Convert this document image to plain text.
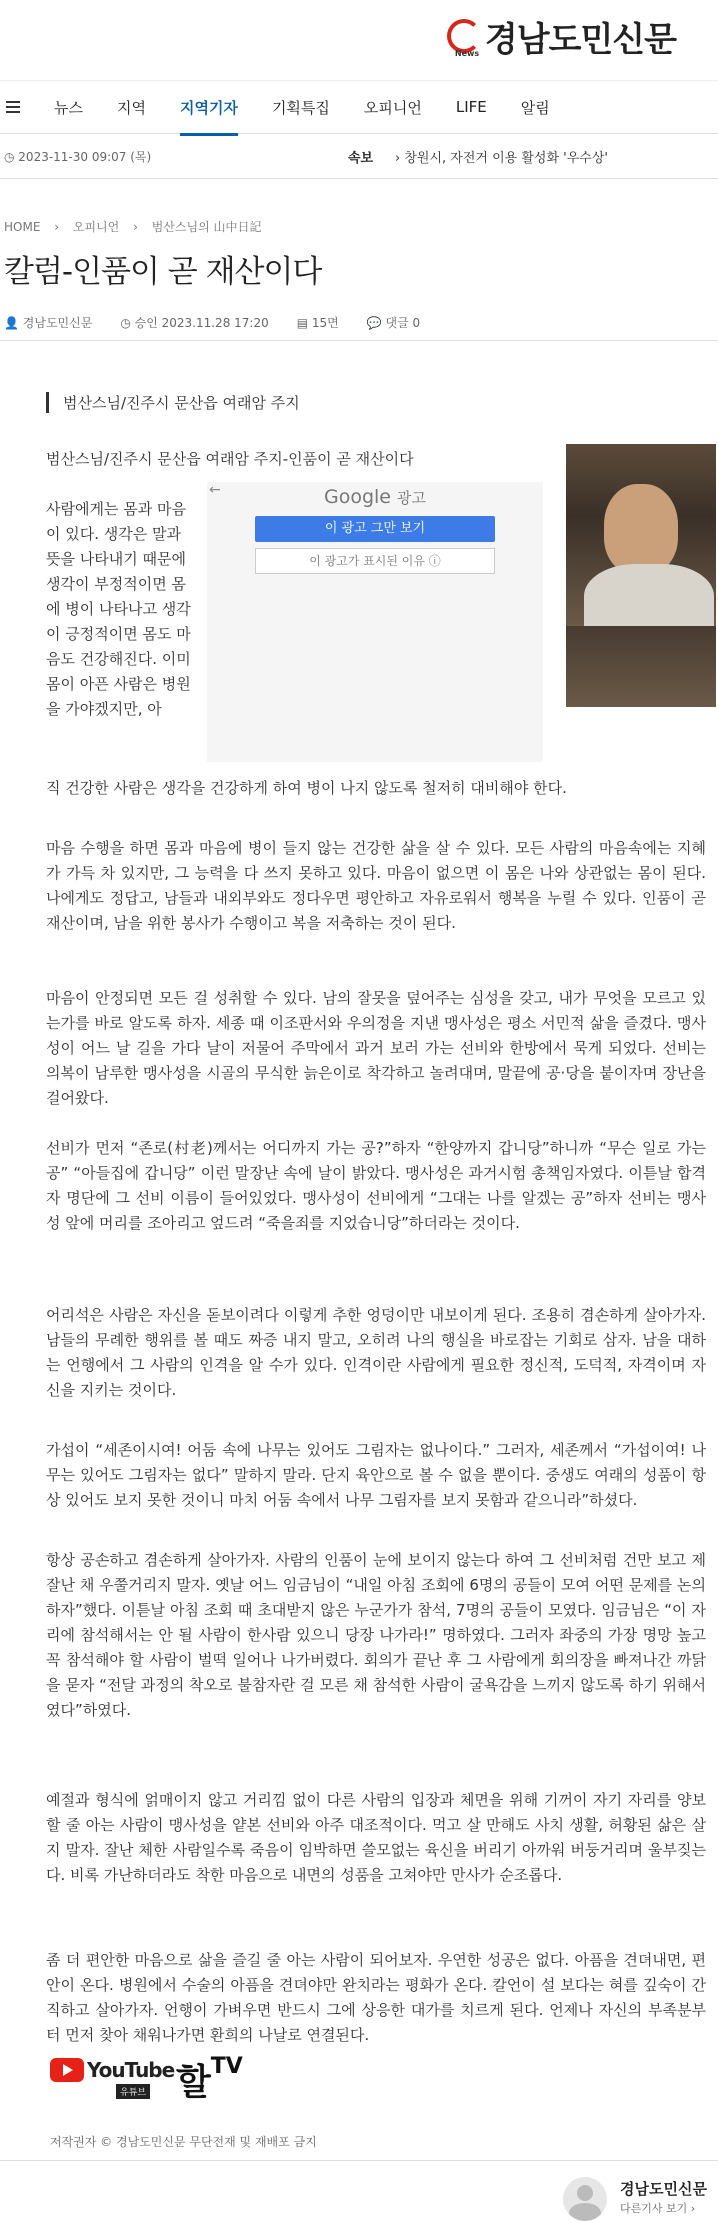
News 경남도민신문
뉴스 지역 지역기자 기획특집 오피니언 LIFE 알림
◷ 2023-11-30 09:07 (목)	속보 › 창원시, 자전거 이용 활성화 '우수상'
HOME › 오피니언 › 범산스님의 山中日記
칼럼-인품이 곧 재산이다
👤 경남도민신문 ◷ 승인 2023.11.28 17:20 ▤ 15면 💬 댓글 0
범산스님/진주시 문산읍 여래암 주지
범산스님/진주시 문산읍 여래암 주지-인품이 곧 재산이다
사람에게는 몸과 마음이 있다. 생각은 말과 뜻을 나타내기 때문에 생각이 부정적이면 몸에 병이 나타나고 생각이 긍정적이면 몸도 마음도 건강해진다. 이미 몸이 아픈 사람은 병원을 가야겠지만, 아
←	Google 광고
이 광고 그만 보기
이 광고가 표시된 이유 ⓘ
직 건강한 사람은 생각을 건강하게 하여 병이 나지 않도록 철저히 대비해야 한다.
마음 수행을 하면 몸과 마음에 병이 들지 않는 건강한 삶을 살 수 있다. 모든 사람의 마음속에는 지혜가 가득 차 있지만, 그 능력을 다 쓰지 못하고 있다. 마음이 없으면 이 몸은 나와 상관없는 몸이 된다. 나에게도 정답고, 남들과 내외부와도 정다우면 평안하고 자유로워서 행복을 누릴 수 있다. 인품이 곧 재산이며, 남을 위한 봉사가 수행이고 복을 저축하는 것이 된다.
마음이 안정되면 모든 걸 성취할 수 있다. 남의 잘못을 덮어주는 심성을 갖고, 내가 무엇을 모르고 있는가를 바로 알도록 하자. 세종 때 이조판서와 우의정을 지낸 맹사성은 평소 서민적 삶을 즐겼다. 맹사성이 어느 날 길을 가다 날이 저물어 주막에서 과거 보러 가는 선비와 한방에서 묵게 되었다. 선비는 의복이 남루한 맹사성을 시골의 무식한 늙은이로 착각하고 놀려대며, 말끝에 공·당을 붙이자며 장난을 걸어왔다.
선비가 먼저 “존로(村老)께서는 어디까지 가는 공?”하자 “한양까지 갑니당”하니까 “무슨 일로 가는 공” “아들집에 갑니당” 이런 말장난 속에 날이 밝았다. 맹사성은 과거시험 총책임자였다. 이튿날 합격자 명단에 그 선비 이름이 들어있었다. 맹사성이 선비에게 “그대는 나를 알겠는 공”하자 선비는 맹사성 앞에 머리를 조아리고 엎드려 “죽을죄를 지었습니당”하더라는 것이다.
어리석은 사람은 자신을 돋보이려다 이렇게 추한 엉덩이만 내보이게 된다. 조용히 겸손하게 살아가자. 남들의 무례한 행위를 볼 때도 짜증 내지 말고, 오히려 나의 행실을 바로잡는 기회로 삼자. 남을 대하는 언행에서 그 사람의 인격을 알 수가 있다. 인격이란 사람에게 필요한 정신적, 도덕적, 자격이며 자신을 지키는 것이다.
가섭이 “세존이시여! 어둠 속에 나무는 있어도 그림자는 없나이다.” 그러자, 세존께서 “가섭이여! 나무는 있어도 그림자는 없다” 말하지 말라. 단지 육안으로 볼 수 없을 뿐이다. 중생도 여래의 성품이 항상 있어도 보지 못한 것이니 마치 어둠 속에서 나무 그림자를 보지 못함과 같으니라”하셨다.
항상 공손하고 겸손하게 살아가자. 사람의 인품이 눈에 보이지 않는다 하여 그 선비처럼 건만 보고 제 잘난 채 우쭐거리지 말자. 옛날 어느 임금님이 “내일 아침 조회에 6명의 공들이 모여 어떤 문제를 논의하자”했다. 이튿날 아침 조회 때 초대받지 않은 누군가가 참석, 7명의 공들이 모였다. 임금님은 “이 자리에 참석해서는 안 될 사람이 한사람 있으니 당장 나가라!” 명하였다. 그러자 좌중의 가장 명망 높고 꼭 참석해야 할 사람이 벌떡 일어나 나가버렸다. 회의가 끝난 후 그 사람에게 회의장을 빠져나간 까닭을 묻자 “전달 과정의 착오로 불참자란 걸 모른 채 참석한 사람이 굴욕감을 느끼지 않도록 하기 위해서였다”하였다.
예절과 형식에 얽매이지 않고 거리낌 없이 다른 사람의 입장과 체면을 위해 기꺼이 자기 자리를 양보할 줄 아는 사람이 맹사성을 얕본 선비와 아주 대조적이다. 먹고 살 만해도 사치 생활, 허황된 삶은 살지 말자. 잘난 체한 사람일수록 죽음이 임박하면 쓸모없는 육신을 버리기 아까워 버둥거리며 울부짖는다. 비록 가난하더라도 착한 마음으로 내면의 성품을 고쳐야만 만사가 순조롭다.
좀 더 편안한 마음으로 삶을 즐길 줄 아는 사람이 되어보자. 우연한 성공은 없다. 아픔을 견뎌내면, 편안이 온다. 병원에서 수술의 아픔을 견뎌야만 완치라는 평화가 온다. 칼언이 설 보다는 혀를 깊숙이 간직하고 살아가자. 언행이 가벼우면 반드시 그에 상응한 대가를 치르게 된다. 언제나 자신의 부족분부터 먼저 찾아 채워나가면 환희의 나날로 연결된다.
YouTube
유튜브 할$^{TV}$
저작권자 © 경남도민신문 무단전재 및 재배포 금지
경남도민신문
다른기사 보기 ›
